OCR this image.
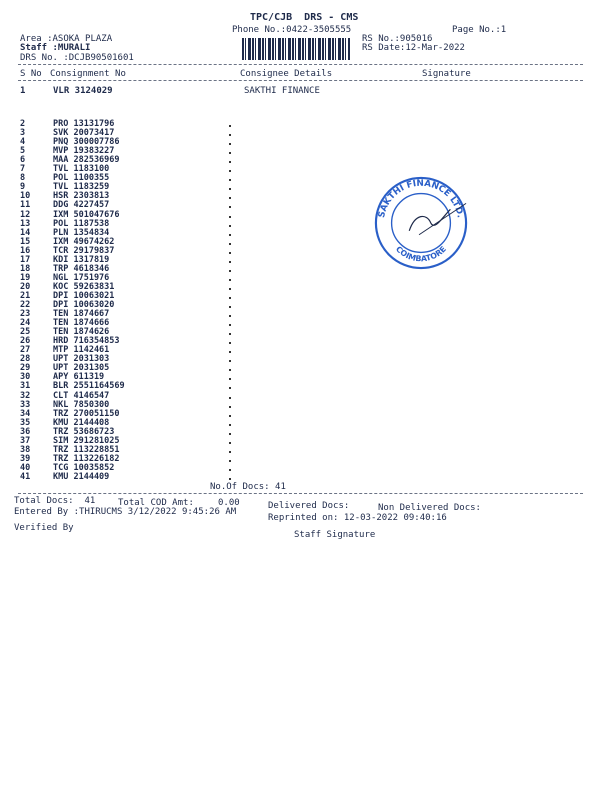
TPC/CJB  DRS - CMS
Phone No.:0422-3505555	Page No.:1
Area :ASOKA PLAZA
Staff :MURALI
DRS No. :DCJB90501601
RS No.:905016
RS Date:12-Mar-2022
S No Consignment No	Consignee Details	Signature
1	VLR 3124029	SAKTHI FINANCE
2	PRO 13131796
3	SVK 20073417
4	PNQ 300007786
5	MVP 19383227
6	MAA 282536969
7	TVL 1183100
8	POL 1100355
9	TVL 1183259
10	HSR 2303813
11	DDG 4227457
12	IXM 501047676
13	POL 1187538
14	PLN 1354834
15	IXM 49674262
16	TCR 29179837
17	KDI 1317819
18	TRP 4618346
19	NGL 1751976
20	KOC 59263831
21	DPI 10063021
22	DPI 10063020
23	TEN 1874667
24	TEN 1874666
25	TEN 1874626
26	HRD 716354853
27	MTP 1142461
28	UPT 2031303
29	UPT 2031305
30	APY 611319
31	BLR 2551164569
32	CLT 4146547
33	NKL 7850300
34	TRZ 270051150
35	KMU 2144408
36	TRZ 53686723
37	SIM 291281025
38	TRZ 113228851
39	TRZ 113226182
40	TCG 10035852
41	KMU 2144409
SAKTHI FINANCE LTD.
COIMBATORE
No.Of Docs: 41
Total Docs:  41	Total COD Amt:	0.00	Delivered Docs:	Non Delivered Docs:
Entered By :THIRUCMS 3/12/2022 9:45:26 AM
Reprinted on: 12-03-2022 09:40:16
Verified By
Staff Signature
